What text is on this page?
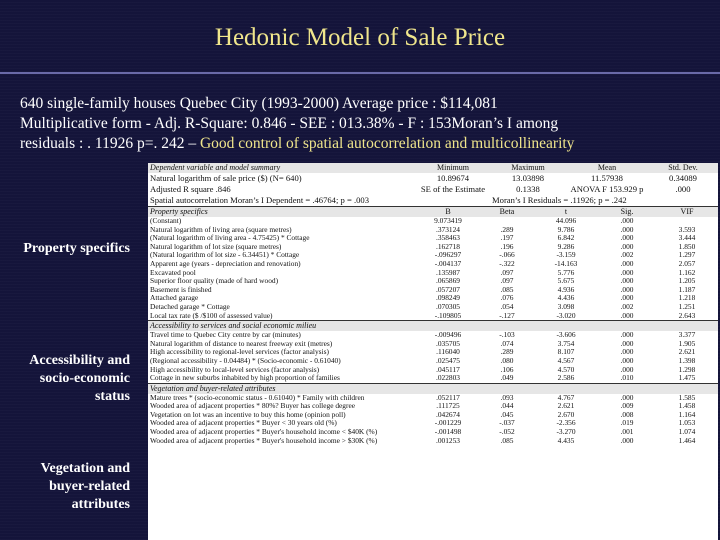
Hedonic Model of Sale Price
640 single-family houses Quebec City (1993-2000) Average price : $114,081
Multiplicative form - Adj. R-Square: 0.846 - SEE : 013.38% - F : 153Moran’s I among
residuals : . 11926 p=. 242 – Good control of spatial autocorrelation and multicollinearity
Property specifics
Accessibility and socio-economic status
Vegetation and buyer-related attributes
Dependent variable and model summary	Minimum	Maximum	Mean	Std. Dev.
Natural logarithm of sale price ($) (N= 640)	10.89674	13.03898	11.57938	0.34089
Adjusted R square .846	SE of the Estimate	0.1338	ANOVA F 153.929 p	.000
Spatial autocorrelation Moran’s I Dependent = .46764; p = .003		Moran’s I Residuals = .11926; p = .242		
Property specifics	B	Beta	t	Sig.	VIF
(Constant)	9.073419		44.096	.000	
Natural logarithm of living area (square metres)	.373124	.289	9.786	.000	3.593
(Natural logarithm of living area - 4.75425) * Cottage	.358463	.197	6.842	.000	3.444
Natural logarithm of lot size (square metres)	.162718	.196	9.286	.000	1.850
(Natural logarithm of lot size - 6.34451) * Cottage	-.096297	-.066	-3.159	.002	1.297
Apparent age (years - depreciation and renovation)	-.004137	-.322	-14.163	.000	2.057
Excavated pool	.135987	.097	5.776	.000	1.162
Superior floor quality (made of hard wood)	.065869	.097	5.675	.000	1.205
Basement is finished	.057207	.085	4.936	.000	1.187
Attached garage	.098249	.076	4.436	.000	1.218
Detached garage * Cottage	.070305	.054	3.098	.002	1.251
Local tax rate ($ /$100 of assessed value)	-.109805	-.127	-3.020	.000	2.643
Accessibility to services and social economic milieu					
Travel time to Quebec City centre by car (minutes)	-.009496	-.103	-3.606	.000	3.377
Natural logarithm of distance to nearest freeway exit (metres)	.035705	.074	3.754	.000	1.905
High accessibility to regional-level services (factor analysis)	.116040	.289	8.107	.000	2.621
(Regional accessibility - 0.04484) * (Socio-economic - 0.61040)	.025475	.080	4.567	.000	1.398
High accessibility to local-level services (factor analysis)	.045117	.106	4.570	.000	1.298
Cottage in new suburbs inhabited by high proportion of families	.022803	.049	2.586	.010	1.475
Vegetation and buyer-related attributes					
Mature trees * (socio-economic status - 0.61040) * Family with children	.052117	.093	4.767	.000	1.585
Wooded area of adjacent properties * 80%? Buyer has college degree	.111725	.044	2.621	.009	1.458
Vegetation on lot was an incentive to buy this home (opinion poll)	.042674	.045	2.670	.008	1.164
Wooded area of adjacent properties * Buyer < 30 years old (%)	-.001229	-.037	-2.356	.019	1.053
Wooded area of adjacent properties * Buyer's household income < $40K (%)	-.001498	-.052	-3.270	.001	1.074
Wooded area of adjacent properties * Buyer's household income > $30K (%)	.001253	.085	4.435	.000	1.464
